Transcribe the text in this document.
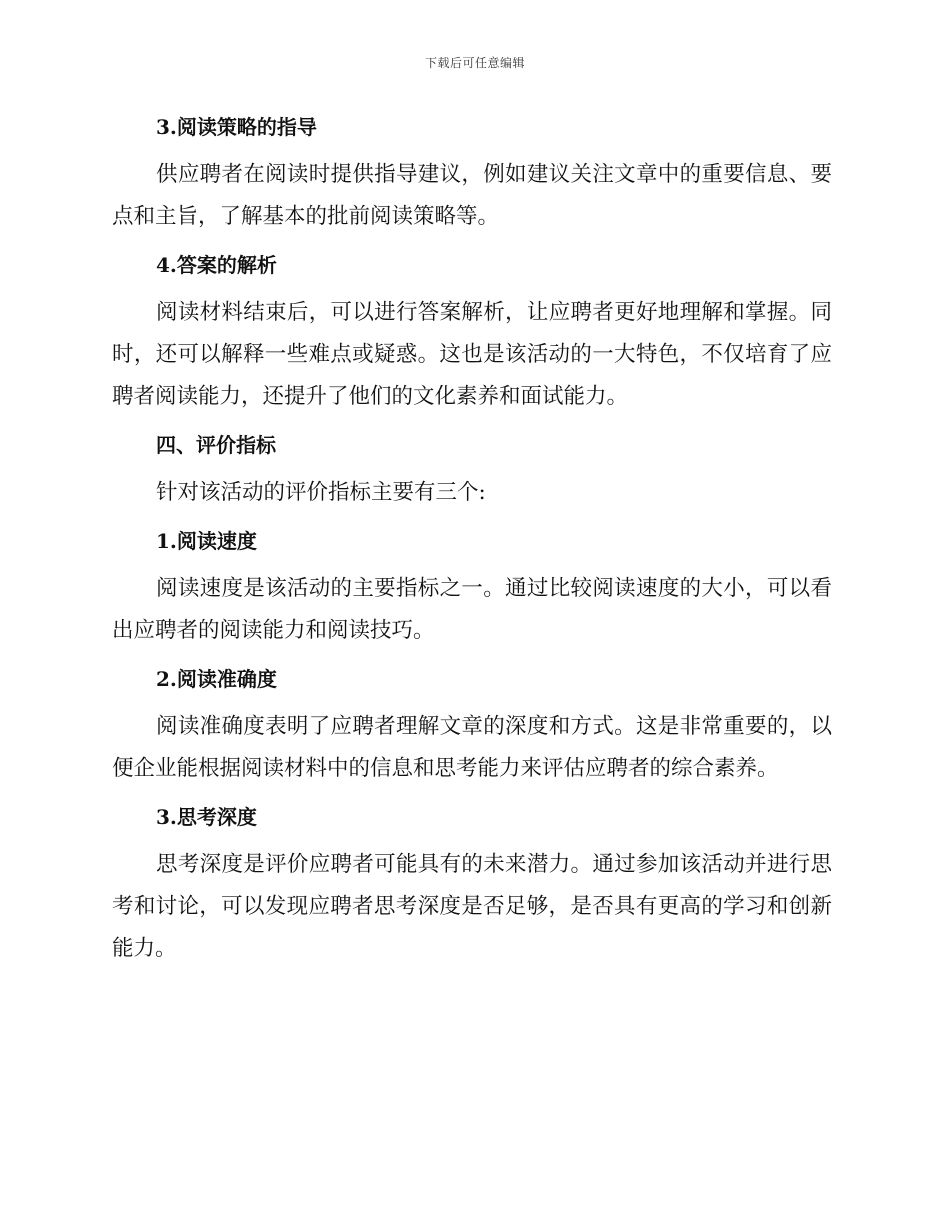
下载后可任意编辑
3.阅读策略的指导

供应聘者在阅读时提供指导建议，例如建议关注文章中的重要信息、要点和主旨，了解基本的批前阅读策略等。

4.答案的解析

阅读材料结束后，可以进行答案解析，让应聘者更好地理解和掌握。同时，还可以解释一些难点或疑惑。这也是该活动的一大特色，不仅培育了应聘者阅读能力，还提升了他们的文化素养和面试能力。

四、评价指标

针对该活动的评价指标主要有三个:

1.阅读速度

阅读速度是该活动的主要指标之一。通过比较阅读速度的大小，可以看出应聘者的阅读能力和阅读技巧。

2.阅读准确度

阅读准确度表明了应聘者理解文章的深度和方式。这是非常重要的，以便企业能根据阅读材料中的信息和思考能力来评估应聘者的综合素养。

3.思考深度

思考深度是评价应聘者可能具有的未来潜力。通过参加该活动并进行思考和讨论，可以发现应聘者思考深度是否足够，是否具有更高的学习和创新能力。
